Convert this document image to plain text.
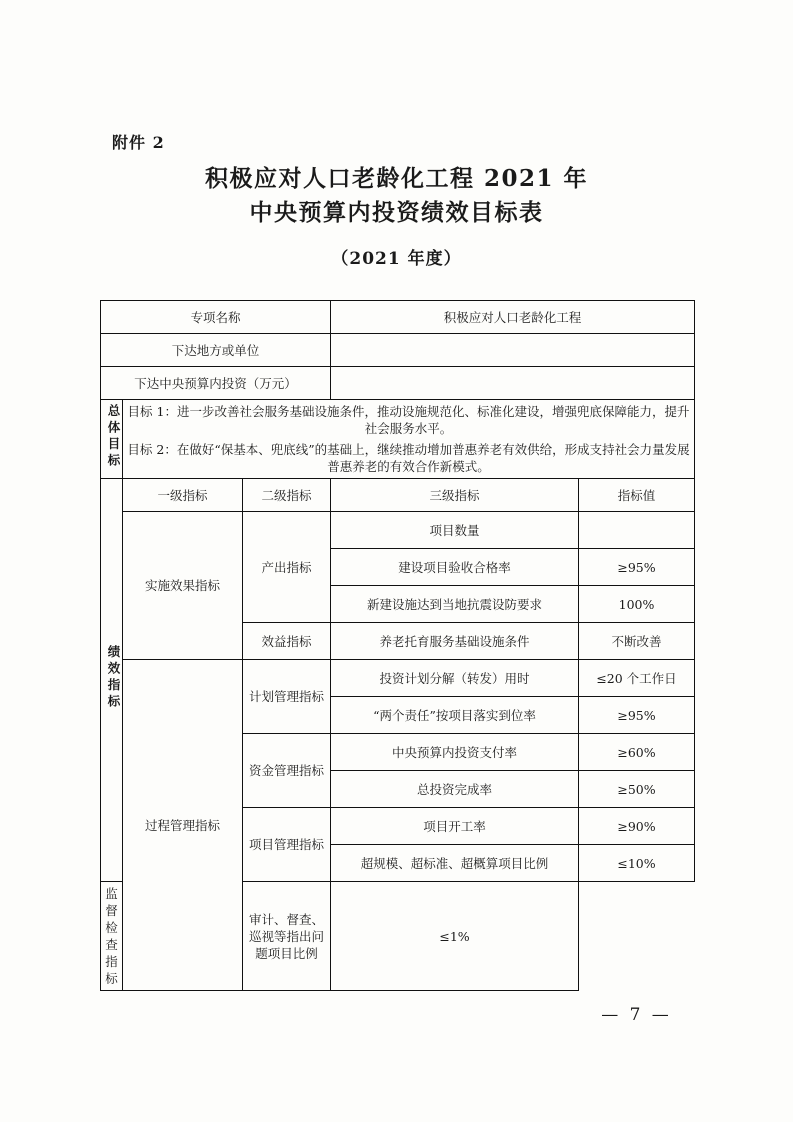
附件 2
积极应对人口老龄化工程 2021 年
中央预算内投资绩效目标表
（2021 年度）
专项名称			积极应对人口老龄化工程	
下达地方或单位				
下达中央预算内投资（万元）				
总体目标	目标 1：进一步改善社会服务基础设施条件，推动设施规范化、标准化建设，增强兜底保障能力，提升社会服务水平。

目标 2：在做好“保基本、兜底线”的基础上，继续推动增加普惠养老有效供给，形成支持社会力量发展普惠养老的有效合作新模式。			

绩效指标	一级指标	二级指标	三级指标	指标值
	实施效果指标	产出指标	项目数量	
			建设项目验收合格率	≥95%
			新建设施达到当地抗震设防要求	100%
		效益指标	养老托育服务基础设施条件	不断改善
	过程管理指标	计划管理指标	投资计划分解（转发）用时	≤20 个工作日
			“两个责任”按项目落实到位率	≥95%
		资金管理指标	中央预算内投资支付率	≥60%
			总投资完成率	≥50%
		项目管理指标	项目开工率	≥90%
			超规模、超标准、超概算项目比例	≤10%
监督检查指标		审计、督查、巡视等指出问题项目比例	≤1%	
— 7 —
